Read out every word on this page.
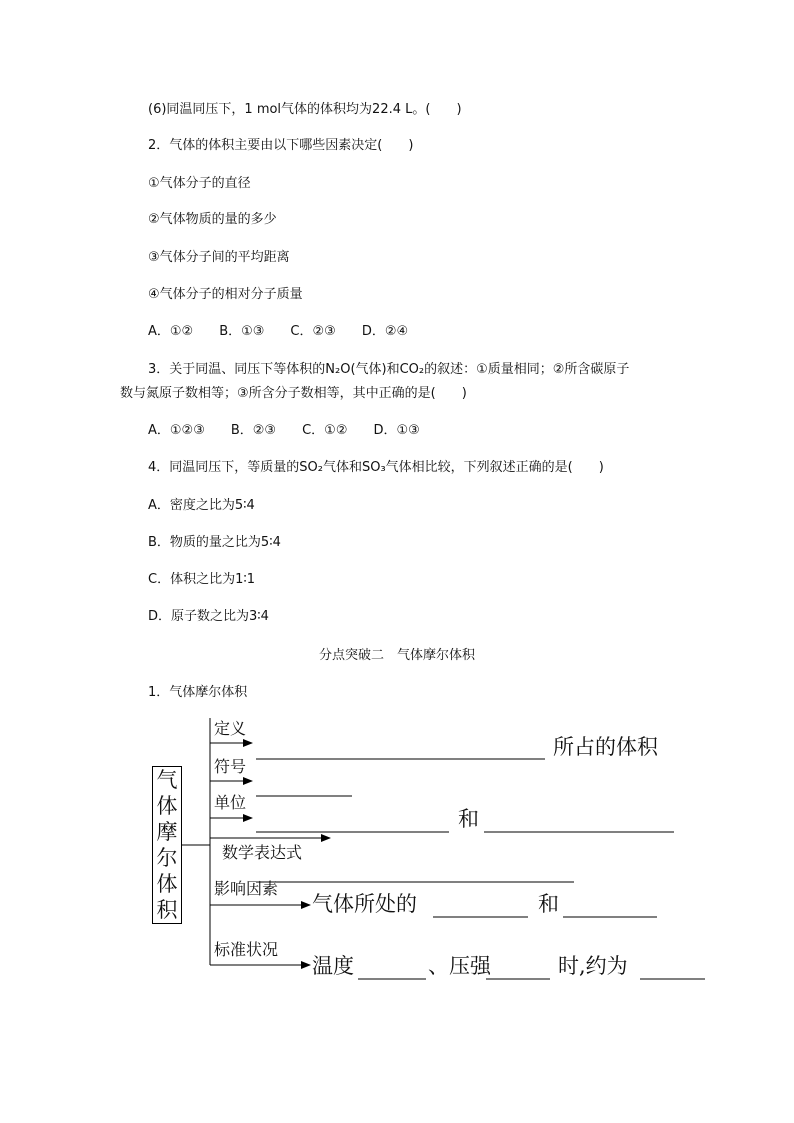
(6)同温同压下，1 mol气体的体积均为22.4 L。(　　)
2．气体的体积主要由以下哪些因素决定(　　)
①气体分子的直径
②气体物质的量的多少
③气体分子间的平均距离
④气体分子的相对分子质量
A．①②　　B．①③　　C．②③　　D．②④
3．关于同温、同压下等体积的N₂O(气体)和CO₂的叙述：①质量相同；②所含碳原子
数与氮原子数相等；③所含分子数相等，其中正确的是(　　)
A．①②③　　B．②③　　C．①②　　D．①③
4．同温同压下，等质量的SO₂气体和SO₃气体相比较，下列叙述正确的是(　　)
A．密度之比为5∶4
B．物质的量之比为5∶4
C．体积之比为1∶1
D．原子数之比为3∶4
分点突破二　气体摩尔体积
1．气体摩尔体积
气
体
摩
尔
体
积
定义
符号
单位
数学表达式
影响因素
标准状况
所占的体积
和
气体所处的	和
温度	、压强	时,约为
